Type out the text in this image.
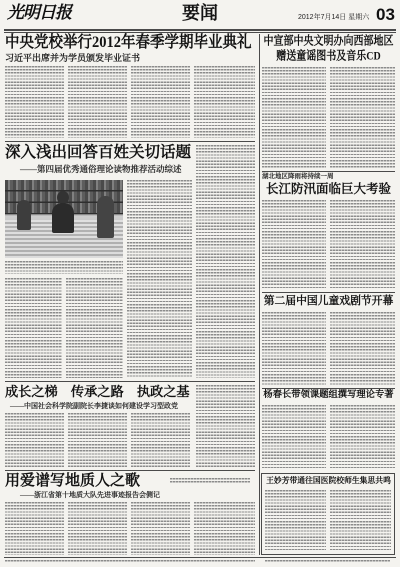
光明日报	要闻	2012年7月14日 星期六 03
中央党校举行2012年春季学期毕业典礼
习近平出席并为学员颁发毕业证书
深入浅出回答百姓关切话题
——第四届优秀通俗理论读物推荐活动综述
成长之梯　传承之路　执政之基
——中国社会科学院副院长李捷谈如何建设学习型政党
用爱谱写地质人之歌
——浙江省第十地质大队先进事迹报告会侧记
中宣部中央文明办向西部地区
赠送童谣图书及音乐CD
湖北地区降雨将持续一周
长江防汛面临巨大考验
第二届中国儿童戏剧节开幕
杨春长带领课题组撰写理论专著
王妙芳带通往国医院校师生集思共鸣
